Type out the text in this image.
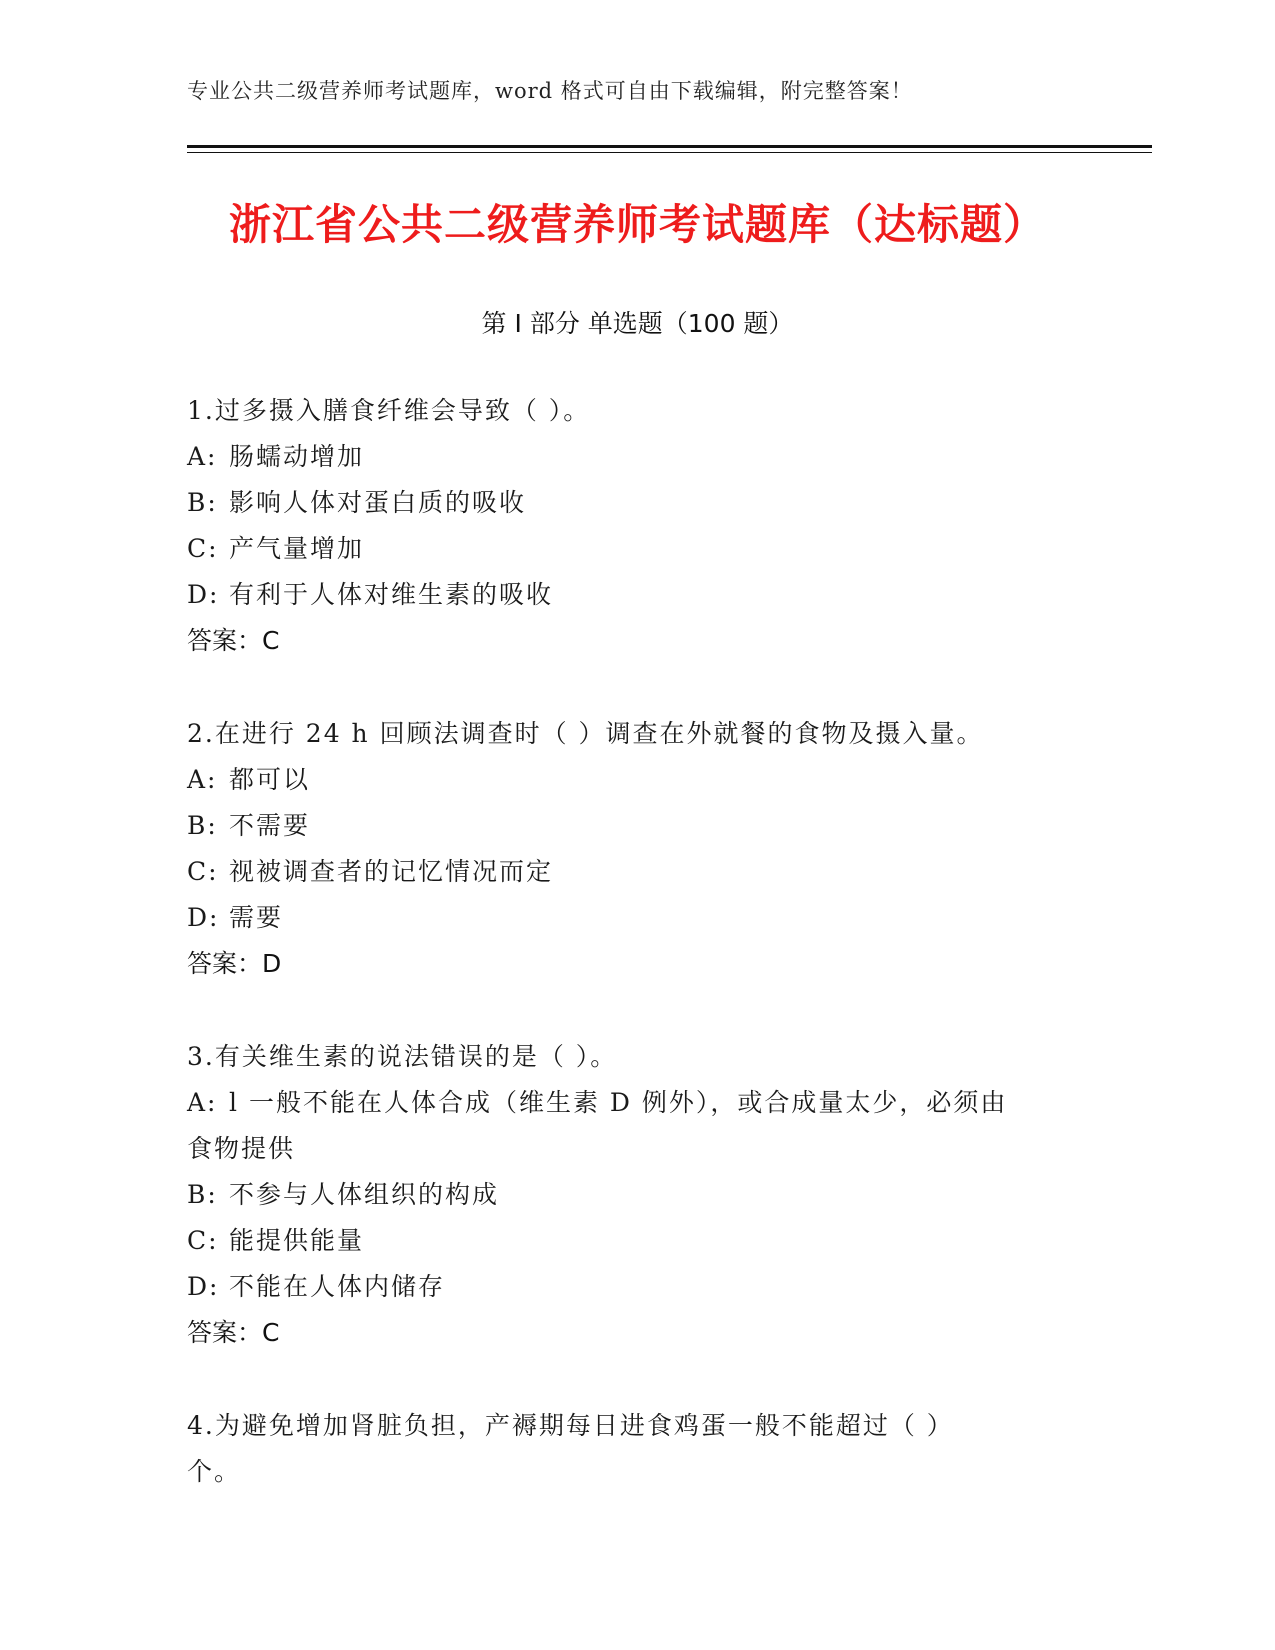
专业公共二级营养师考试题库，word 格式可自由下载编辑，附完整答案！
浙江省公共二级营养师考试题库（达标题）
第 I 部分 单选题（100 题）
1.过多摄入膳食纤维会导致（ ）。
A: 肠蠕动增加
B: 影响人体对蛋白质的吸收
C: 产气量增加
D: 有利于人体对维生素的吸收
答案：C
2.在进行 24 h 回顾法调查时（ ）调查在外就餐的食物及摄入量。
A: 都可以
B: 不需要
C: 视被调查者的记忆情况而定
D: 需要
答案：D
3.有关维生素的说法错误的是（ ）。
A: l 一般不能在人体合成（维生素 D 例外），或合成量太少，必须由
食物提供
B: 不参与人体组织的构成
C: 能提供能量
D: 不能在人体内储存
答案：C
4.为避免增加肾脏负担，产褥期每日进食鸡蛋一般不能超过（ ）
个。
